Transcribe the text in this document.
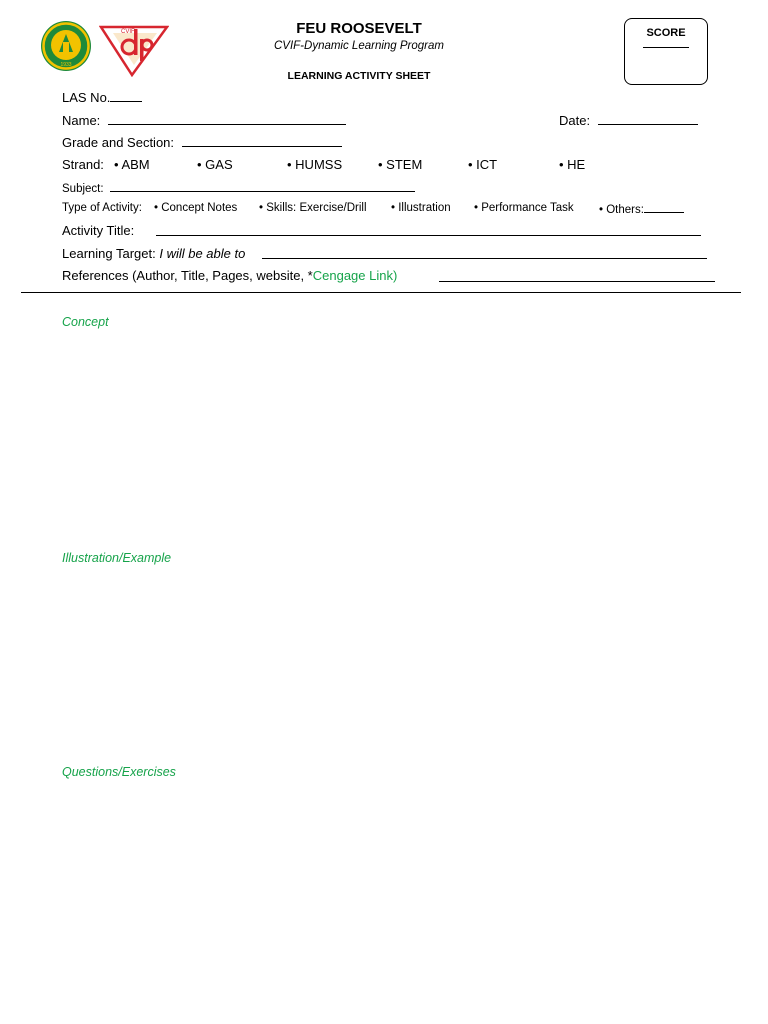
1933
CVIF	FEU ROOSEVELT
CVIF-Dynamic Learning Program
LEARNING ACTIVITY SHEET
SCORE
LAS No.
Name:	Date:
Grade and Section:
Strand: • ABM	• GAS	• HUMSS	• STEM	• ICT	• HE
Subject:
Type of Activity: • Concept Notes • Skills: Exercise/Drill • Illustration • Performance Task • Others:
Activity Title:
Learning Target: I will be able to
References (Author, Title, Pages, website, *Cengage Link)
Concept
Illustration/Example
Questions/Exercises
